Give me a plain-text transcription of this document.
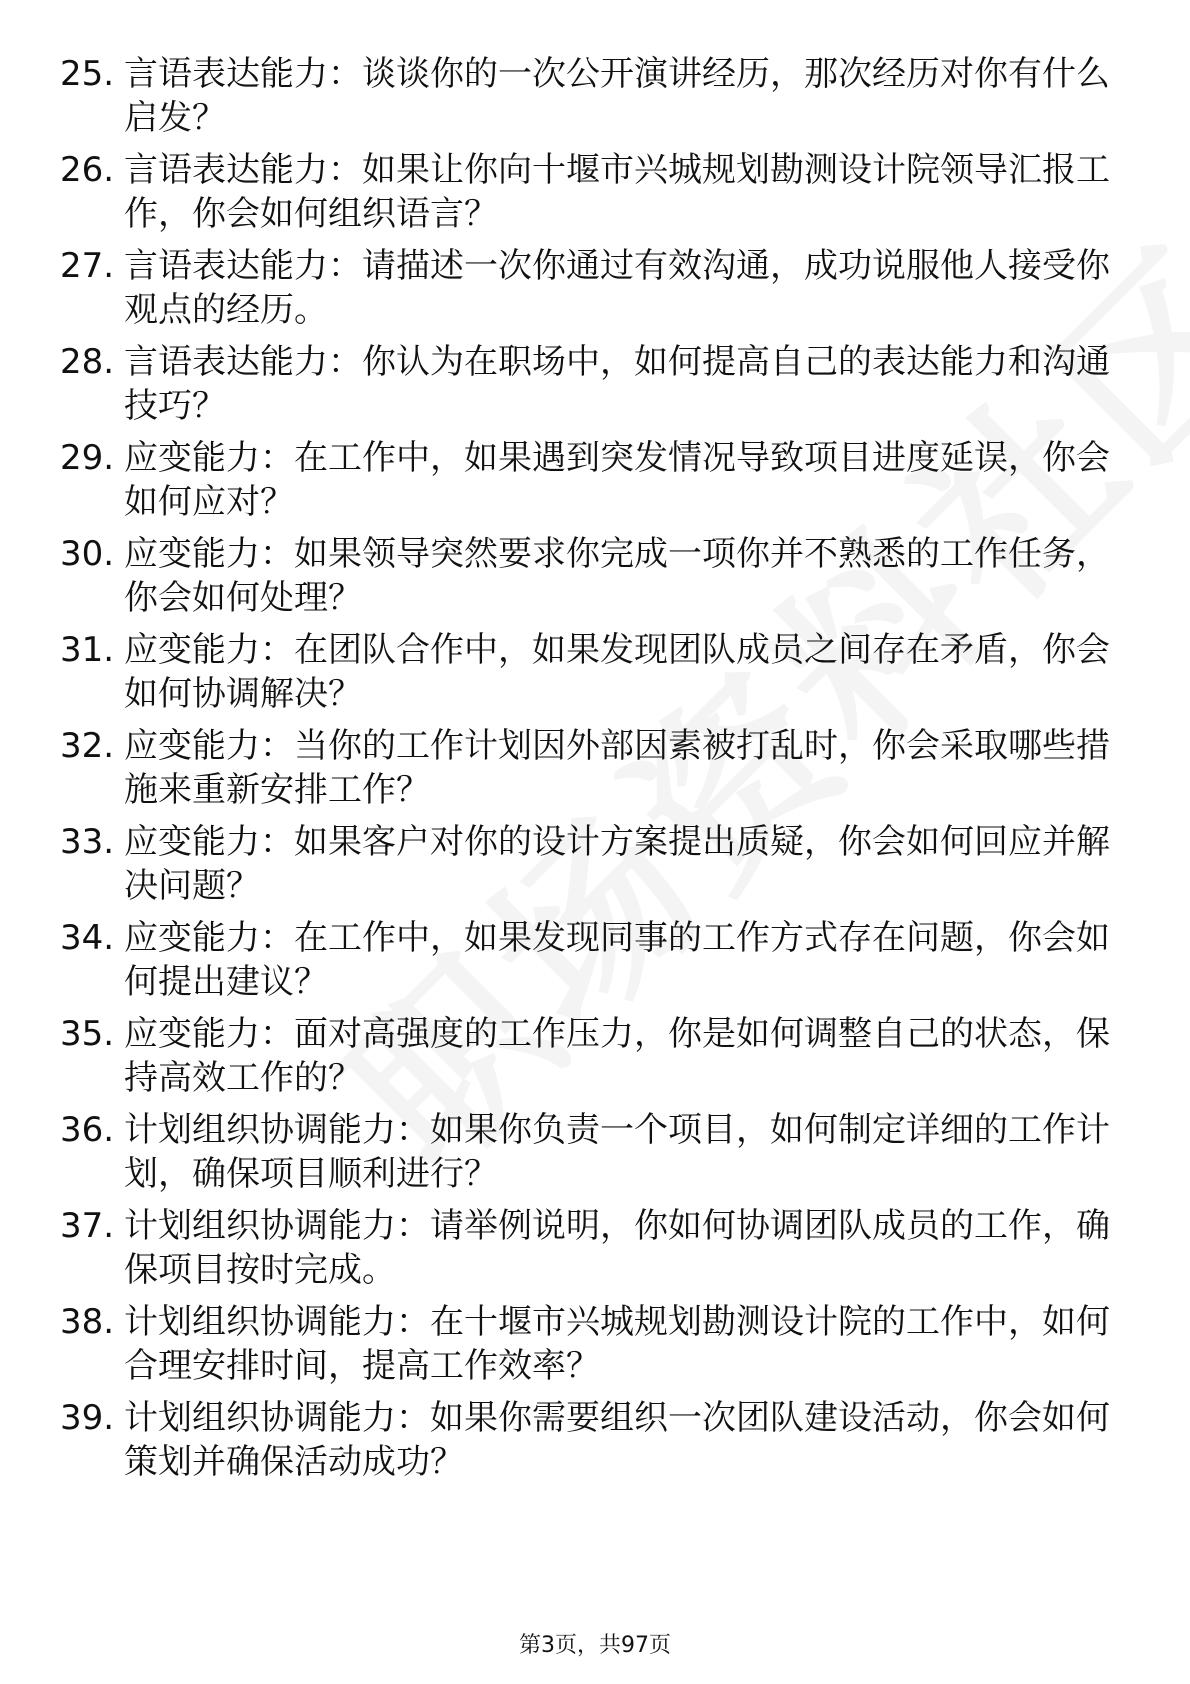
25. 言语表达能力：谈谈你的一次公开演讲经历，那次经历对你有什么启发？
26. 言语表达能力：如果让你向十堰市兴城规划勘测设计院领导汇报工作，你会如何组织语言？
27. 言语表达能力：请描述一次你通过有效沟通，成功说服他人接受你观点的经历。
28. 言语表达能力：你认为在职场中，如何提高自己的表达能力和沟通技巧？
29. 应变能力：在工作中，如果遇到突发情况导致项目进度延误，你会如何应对？
30. 应变能力：如果领导突然要求你完成一项你并不熟悉的工作任务，你会如何处理？
31. 应变能力：在团队合作中，如果发现团队成员之间存在矛盾，你会如何协调解决？
32. 应变能力：当你的工作计划因外部因素被打乱时，你会采取哪些措施来重新安排工作？
33. 应变能力：如果客户对你的设计方案提出质疑，你会如何回应并解决问题？
34. 应变能力：在工作中，如果发现同事的工作方式存在问题，你会如何提出建议？
35. 应变能力：面对高强度的工作压力，你是如何调整自己的状态，保持高效工作的？
36. 计划组织协调能力：如果你负责一个项目，如何制定详细的工作计划，确保项目顺利进行？
37. 计划组织协调能力：请举例说明，你如何协调团队成员的工作，确保项目按时完成。
38. 计划组织协调能力：在十堰市兴城规划勘测设计院的工作中，如何合理安排时间，提高工作效率？
39. 计划组织协调能力：如果你需要组织一次团队建设活动，你会如何策划并确保活动成功？
第3页，共97页
